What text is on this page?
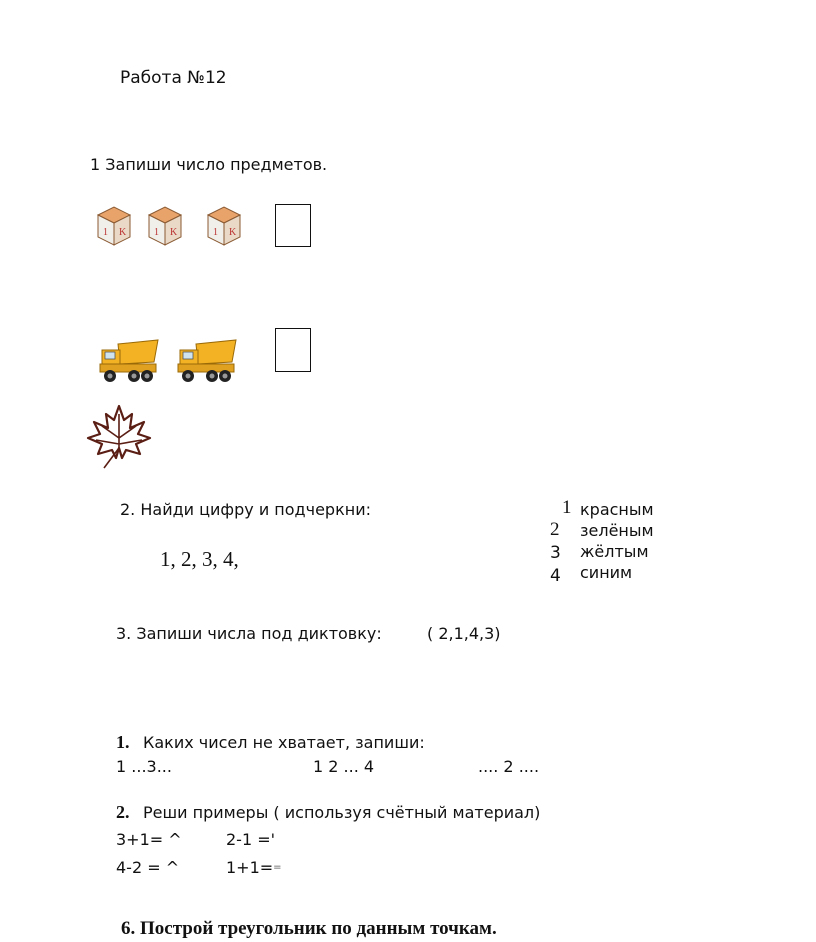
Работа №12
1 Запиши число предметов.
1 K	1 K	1 K
2. Найди цифру и подчеркни:
1, 2, 3, 4,
1 красным
2 зелёным
3 жёлтым
4 синим
3. Запиши числа под диктовку:	( 2,1,4,3)
1. Каких чисел не хватает, запиши:
1 ...3...	1 2 ... 4	.... 2 ....
2. Реши примеры ( используя счётный материал)
3+1= ^	2-1 ='
4-2 = ^	1+1==
6. Построй треугольник по данным точкам.
